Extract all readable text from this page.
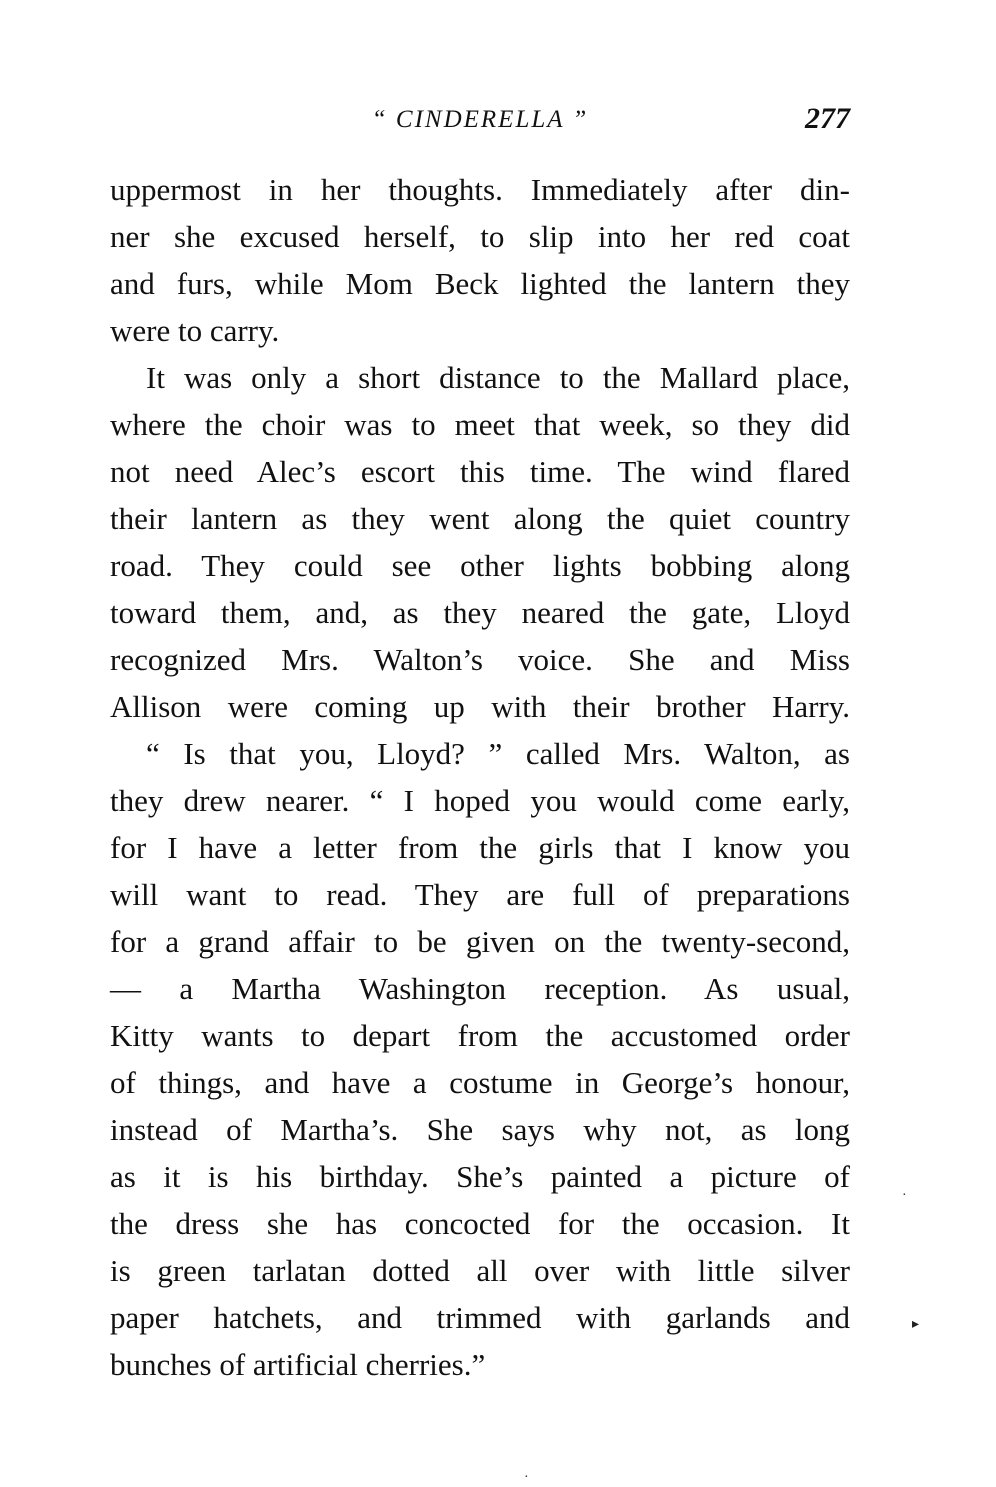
“ CINDERELLA ”	277

uppermost in her thoughts. Immediately after din-
ner she excused herself, to slip into her red coat
and furs, while Mom Beck lighted the lantern they
were to carry.

It was only a short distance to the Mallard place,
where the choir was to meet that week, so they did
not need Alec’s escort this time. The wind flared
their lantern as they went along the quiet country
road. They could see other lights bobbing along
toward them, and, as they neared the gate, Lloyd
recognized Mrs. Walton’s voice. She and Miss
Allison were coming up with their brother Harry.

“ Is that you, Lloyd? ” called Mrs. Walton, as
they drew nearer. “ I hoped you would come early,
for I have a letter from the girls that I know you
will want to read. They are full of preparations
for a grand affair to be given on the twenty-second,
— a Martha Washington reception. As usual,
Kitty wants to depart from the accustomed order
of things, and have a costume in George’s honour,
instead of Martha’s. She says why not, as long
as it is his birthday. She’s painted a picture of
the dress she has concocted for the occasion. It
is green tarlatan dotted all over with little silver
paper hatchets, and trimmed with garlands and
bunches of artificial cherries.”

·
▸
·
